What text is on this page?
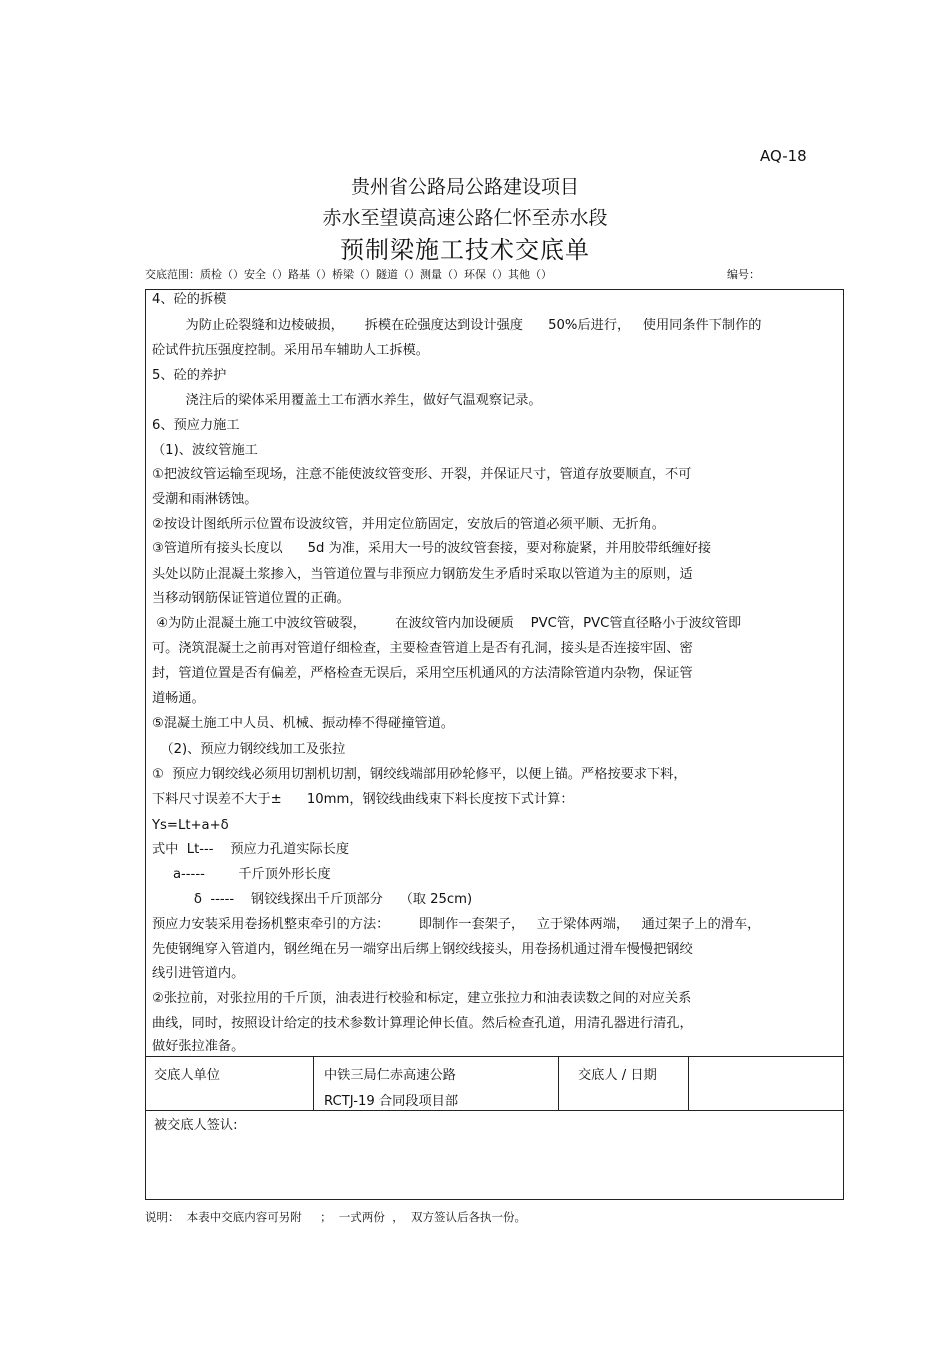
AQ-18
贵州省公路局公路建设项目
赤水至望谟高速公路仁怀至赤水段
预制梁施工技术交底单
交底范围：质检（）安全（）路基（）桥梁（）隧道（）测量（）环保（）其他（）	编号：
4、砼的拆模
为防止砼裂缝和边棱破损，     拆模在砼强度达到设计强度      50%后进行，   使用同条件下制作的
砼试件抗压强度控制。采用吊车辅助人工拆模。
5、砼的养护
浇注后的梁体采用覆盖土工布洒水养生，做好气温观察记录。
6、预应力施工
（1)、波纹管施工
①把波纹管运输至现场，注意不能使波纹管变形、开裂，并保证尺寸，管道存放要顺直，不可
受潮和雨淋锈蚀。
②按设计图纸所示位置布设波纹管，并用定位筋固定，安放后的管道必须平顺、无折角。
③管道所有接头长度以      5d 为准，采用大一号的波纹管套接，要对称旋紧，并用胶带纸缠好接
头处以防止混凝土浆掺入，当管道位置与非预应力钢筋发生矛盾时采取以管道为主的原则，适
当移动钢筋保证管道位置的正确。
④为防止混凝土施工中波纹管破裂，       在波纹管内加设硬质    PVC管，PVC管直径略小于波纹管即
可。浇筑混凝土之前再对管道仔细检查，主要检查管道上是否有孔洞，接头是否连接牢固、密
封，管道位置是否有偏差，严格检查无误后，采用空压机通风的方法清除管道内杂物，保证管
道畅通。
⑤混凝土施工中人员、机械、振动棒不得碰撞管道。
（2)、预应力钢绞线加工及张拉
①  预应力钢绞线必须用切割机切割，钢绞线端部用砂轮修平，以便上锚。严格按要求下料，
下料尺寸误差不大于±      10mm，钢铰线曲线束下料长度按下式计算：
Ys=Lt+a+δ
式中  Lt---    预应力孔道实际长度
a-----        千斤顶外形长度
δ  -----    钢铰线探出千斤顶部分    （取 25cm)
预应力安装采用卷扬机整束牵引的方法：       即制作一套架子，   立于梁体两端，   通过架子上的滑车，
先使钢绳穿入管道内，钢丝绳在另一端穿出后绑上钢绞线接头，用卷扬机通过滑车慢慢把钢绞
线引进管道内。
②张拉前，对张拉用的千斤顶，油表进行校验和标定，建立张拉力和油表读数之间的对应关系
曲线，同时，按照设计给定的技术参数计算理论伸长值。然后检查孔道，用清孔器进行清孔，
做好张拉准备。
交底人单位	中铁三局仁赤高速公路
RCTJ-19 合同段项目部
交底人 / 日期
被交底人签认:
说明：  本表中交底内容可另附     ；  一式两份  ，  双方签认后各执一份。
